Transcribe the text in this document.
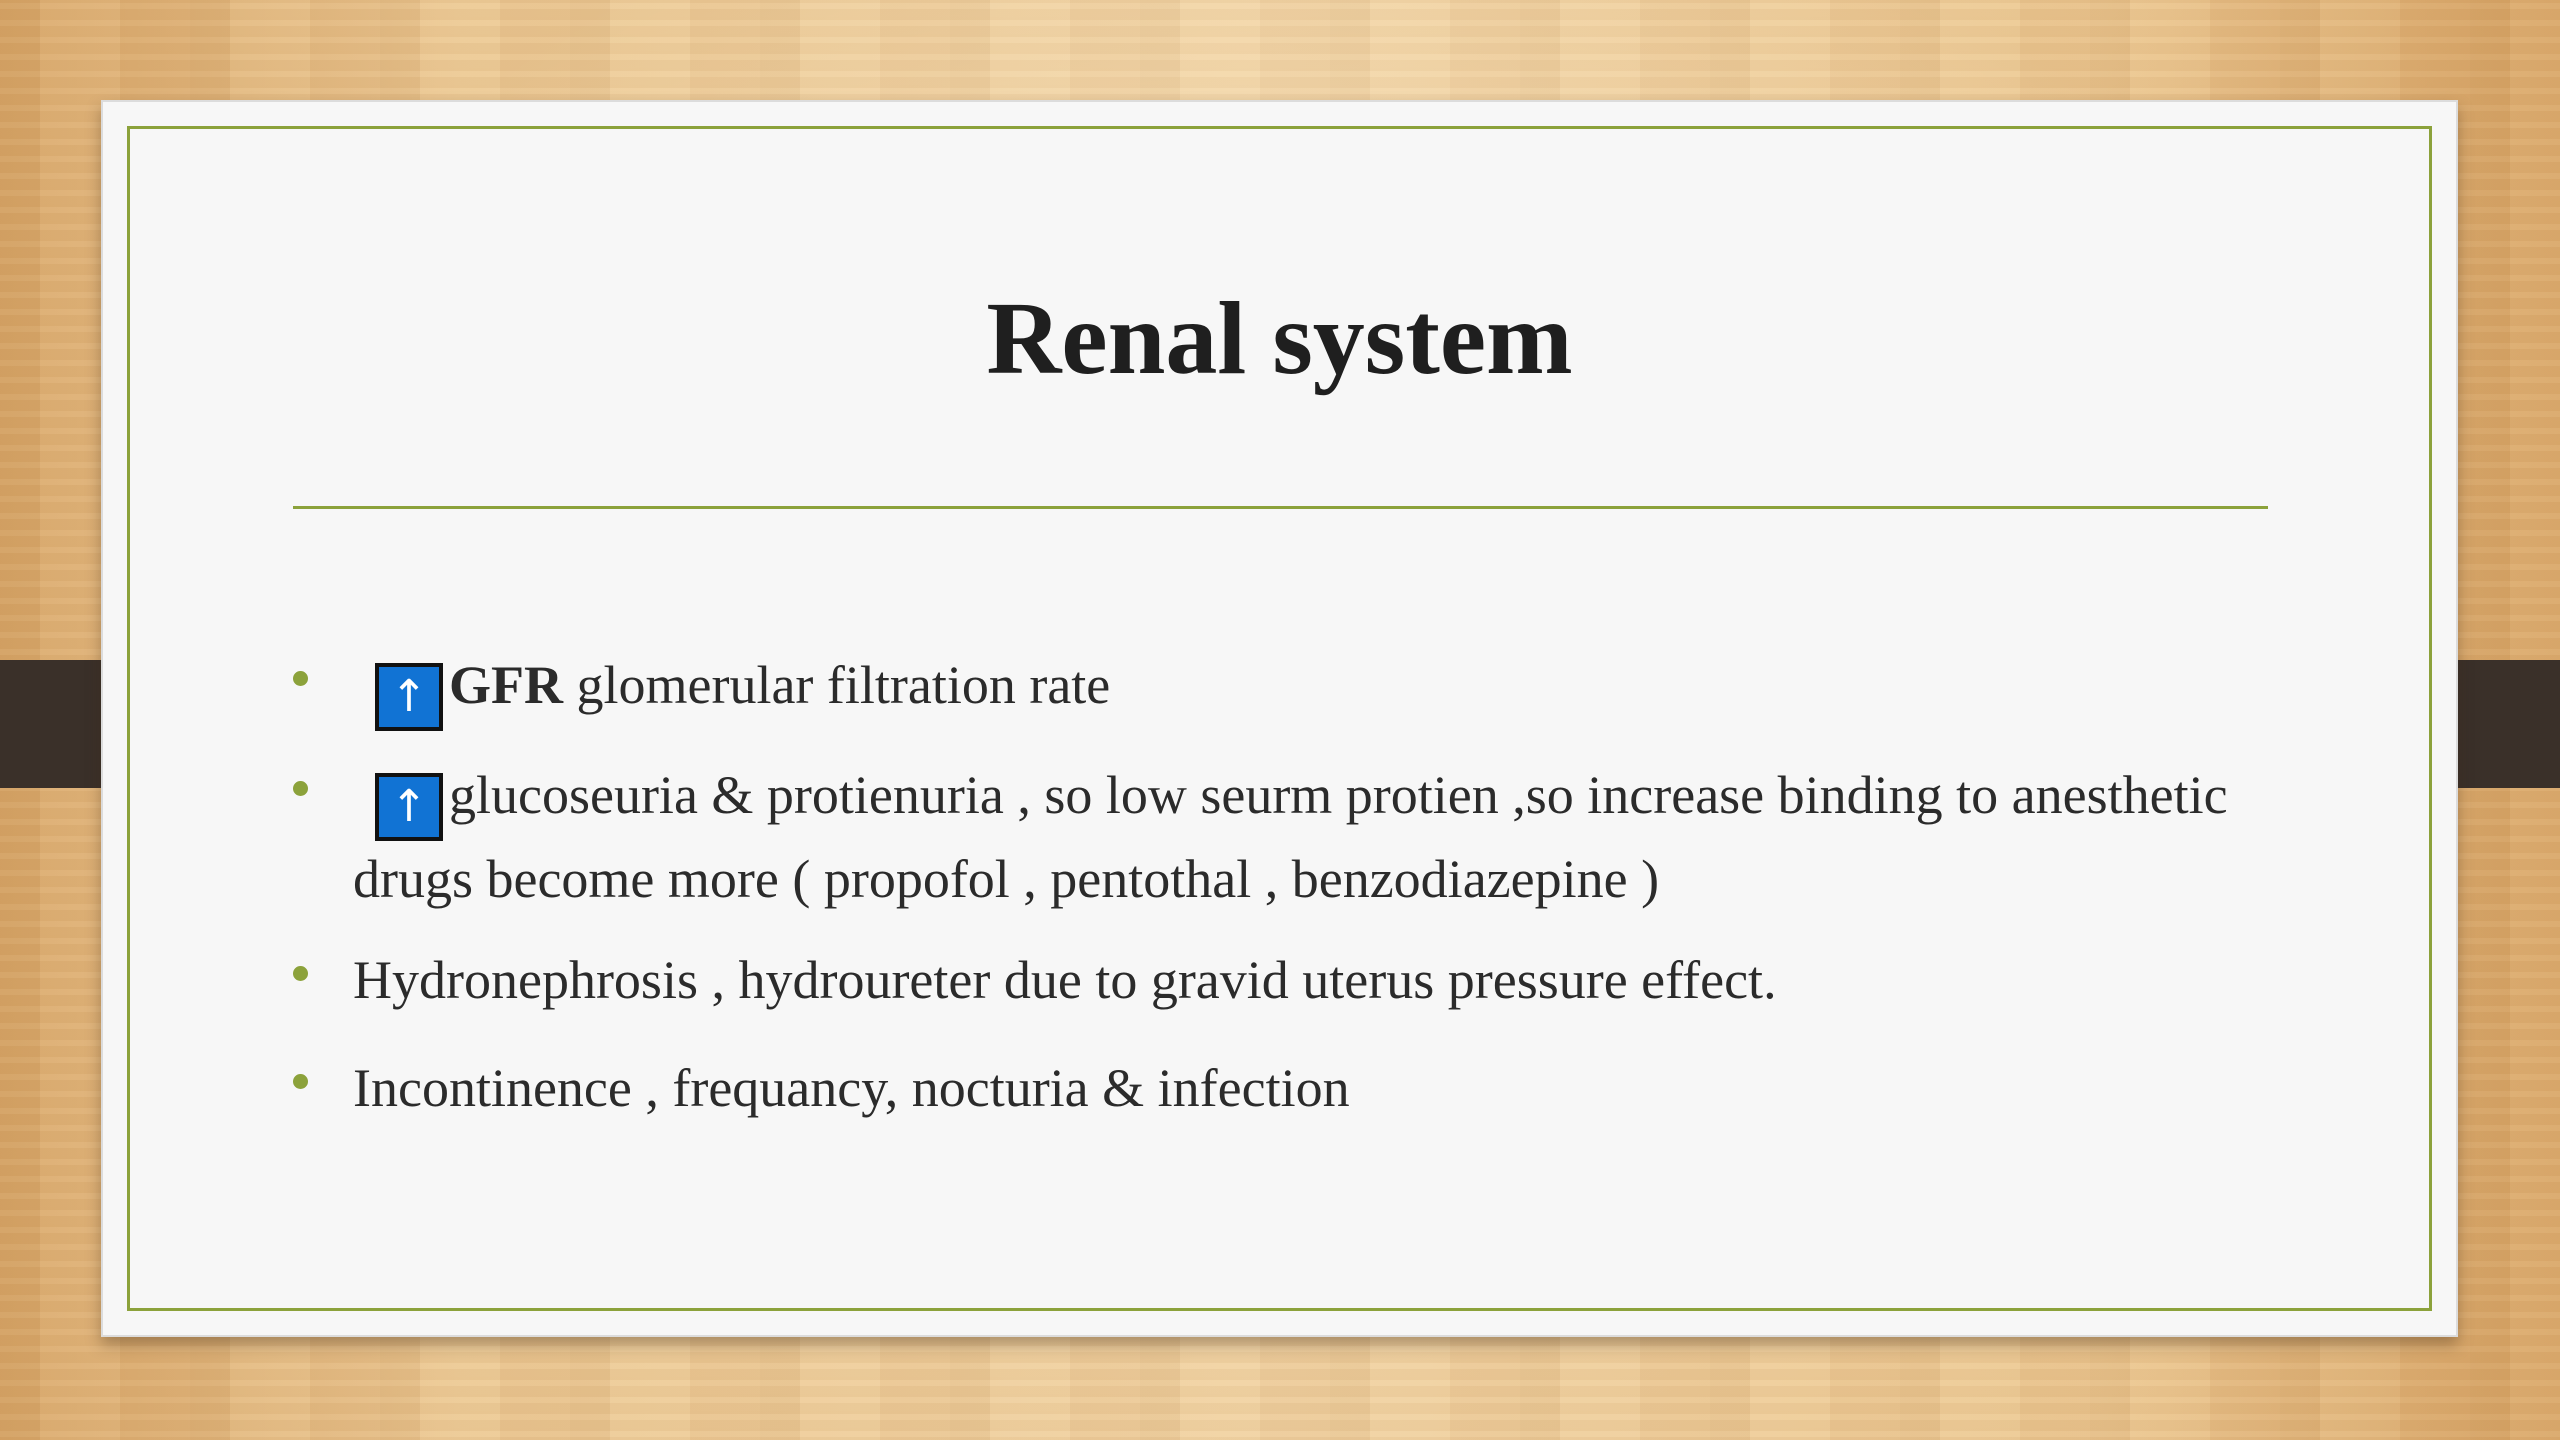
Renal system
↑ GFR glomerular filtration rate
↑ glucoseuria & protienuria , so low seurm protien ,so increase binding to anesthetic drugs become more ( propofol , pentothal , benzodiazepine )
Hydronephrosis , hydroureter due to gravid uterus pressure effect.
Incontinence , frequancy, nocturia & infection
